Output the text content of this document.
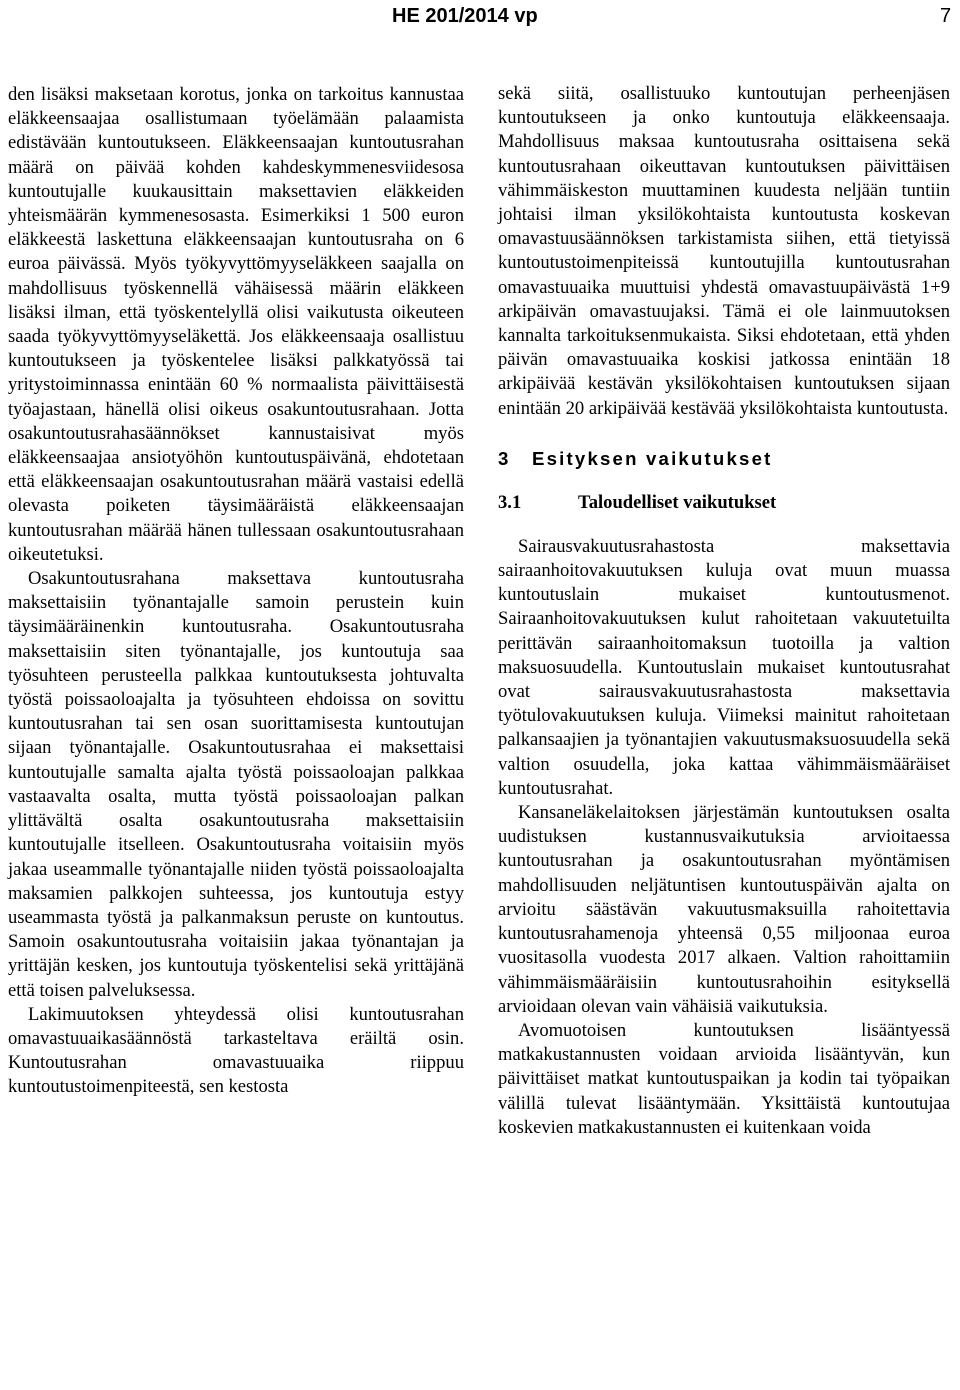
HE 201/2014 vp	7

den lisäksi maksetaan korotus, jonka on tarkoitus kannustaa eläkkeensaajaa osallistumaan työelämään palaamista edistävään kuntoutukseen. Eläkkeensaajan kuntoutusrahan määrä on päivää kohden kahdeskymmenesviidesosa kuntoutujalle kuukausittain maksettavien eläkkeiden yhteismäärän kymmenesosasta. Esimerkiksi 1 500 euron eläkkeestä laskettuna eläkkeensaajan kuntoutusraha on 6 euroa päivässä. Myös työkyvyttömyyseläkkeen saajalla on mahdollisuus työskennellä vähäisessä määrin eläkkeen lisäksi ilman, että työskentelyllä olisi vaikutusta oikeuteen saada työkyvyttömyyseläkettä. Jos eläkkeensaaja osallistuu kuntoutukseen ja työskentelee lisäksi palkkatyössä tai yritystoiminnassa enintään 60 % normaalista päivittäisestä työajastaan, hänellä olisi oikeus osakuntoutusrahaan. Jotta osakuntoutusrahasäännökset kannustaisivat myös eläkkeensaajaa ansiotyöhön kuntoutuspäivänä, ehdotetaan että eläkkeensaajan osakuntoutusrahan määrä vastaisi edellä olevasta poiketen täysimääräistä eläkkeensaajan kuntoutusrahan määrää hänen tullessaan osakuntoutusrahaan oikeutetuksi.

Osakuntoutusrahana maksettava kuntoutusraha maksettaisiin työnantajalle samoin perustein kuin täysimääräinenkin kuntoutusraha. Osakuntoutusraha maksettaisiin siten työnantajalle, jos kuntoutuja saa työsuhteen perusteella palkkaa kuntoutuksesta johtuvalta työstä poissaoloajalta ja työsuhteen ehdoissa on sovittu kuntoutusrahan tai sen osan suorittamisesta kuntoutujan sijaan työnantajalle. Osakuntoutusrahaa ei maksettaisi kuntoutujalle samalta ajalta työstä poissaoloajan palkkaa vastaavalta osalta, mutta työstä poissaoloajan palkan ylittävältä osalta osakuntoutusraha maksettaisiin kuntoutujalle itselleen. Osakuntoutusraha voitaisiin myös jakaa useammalle työnantajalle niiden työstä poissaoloajalta maksamien palkkojen suhteessa, jos kuntoutuja estyy useammasta työstä ja palkanmaksun peruste on kuntoutus. Samoin osakuntoutusraha voitaisiin jakaa työnantajan ja yrittäjän kesken, jos kuntoutuja työskentelisi sekä yrittäjänä että toisen palveluksessa.

Lakimuutoksen yhteydessä olisi kuntoutusrahan omavastuuaikasäännöstä tarkasteltava eräiltä osin. Kuntoutusrahan omavastuuaika riippuu kuntoutustoimenpiteestä, sen kestosta

sekä siitä, osallistuuko kuntoutujan perheenjäsen kuntoutukseen ja onko kuntoutuja eläkkeensaaja. Mahdollisuus maksaa kuntoutusraha osittaisena sekä kuntoutusrahaan oikeuttavan kuntoutuksen päivittäisen vähimmäiskeston muuttaminen kuudesta neljään tuntiin johtaisi ilman yksilökohtaista kuntoutusta koskevan omavastuusäännöksen tarkistamista siihen, että tietyissä kuntoutustoimenpiteissä kuntoutujilla kuntoutusrahan omavastuuaika muuttuisi yhdestä omavastuupäivästä 1+9 arkipäivän omavastuujaksi. Tämä ei ole lainmuutoksen kannalta tarkoituksenmukaista. Siksi ehdotetaan, että yhden päivän omavastuuaika koskisi jatkossa enintään 18 arkipäivää kestävän yksilökohtaisen kuntoutuksen sijaan enintään 20 arkipäivää kestävää yksilökohtaista kuntoutusta.

3 Esityksen vaikutukset
3.1	Taloudelliset vaikutukset

Sairausvakuutusrahastosta maksettavia sairaanhoitovakuutuksen kuluja ovat muun muassa kuntoutuslain mukaiset kuntoutusmenot. Sairaanhoitovakuutuksen kulut rahoitetaan vakuutetuilta perittävän sairaanhoitomaksun tuotoilla ja valtion maksuosuudella. Kuntoutuslain mukaiset kuntoutusrahat ovat sairausvakuutusrahastosta maksettavia työtulovakuutuksen kuluja. Viimeksi mainitut rahoitetaan palkansaajien ja työnantajien vakuutusmaksuosuudella sekä valtion osuudella, joka kattaa vähimmäismääräiset kuntoutusrahat.

Kansaneläkelaitoksen järjestämän kuntoutuksen osalta uudistuksen kustannusvaikutuksia arvioitaessa kuntoutusrahan ja osakuntoutusrahan myöntämisen mahdollisuuden neljätuntisen kuntoutuspäivän ajalta on arvioitu säästävän vakuutusmaksuilla rahoitettavia kuntoutusrahamenoja yhteensä 0,55 miljoonaa euroa vuositasolla vuodesta 2017 alkaen. Valtion rahoittamiin vähimmäismääräisiin kuntoutusrahoihin esityksellä arvioidaan olevan vain vähäisiä vaikutuksia.

Avomuotoisen kuntoutuksen lisääntyessä matkakustannusten voidaan arvioida lisääntyvän, kun päivittäiset matkat kuntoutuspaikan ja kodin tai työpaikan välillä tulevat lisääntymään. Yksittäistä kuntoutujaa koskevien matkakustannusten ei kuitenkaan voida
